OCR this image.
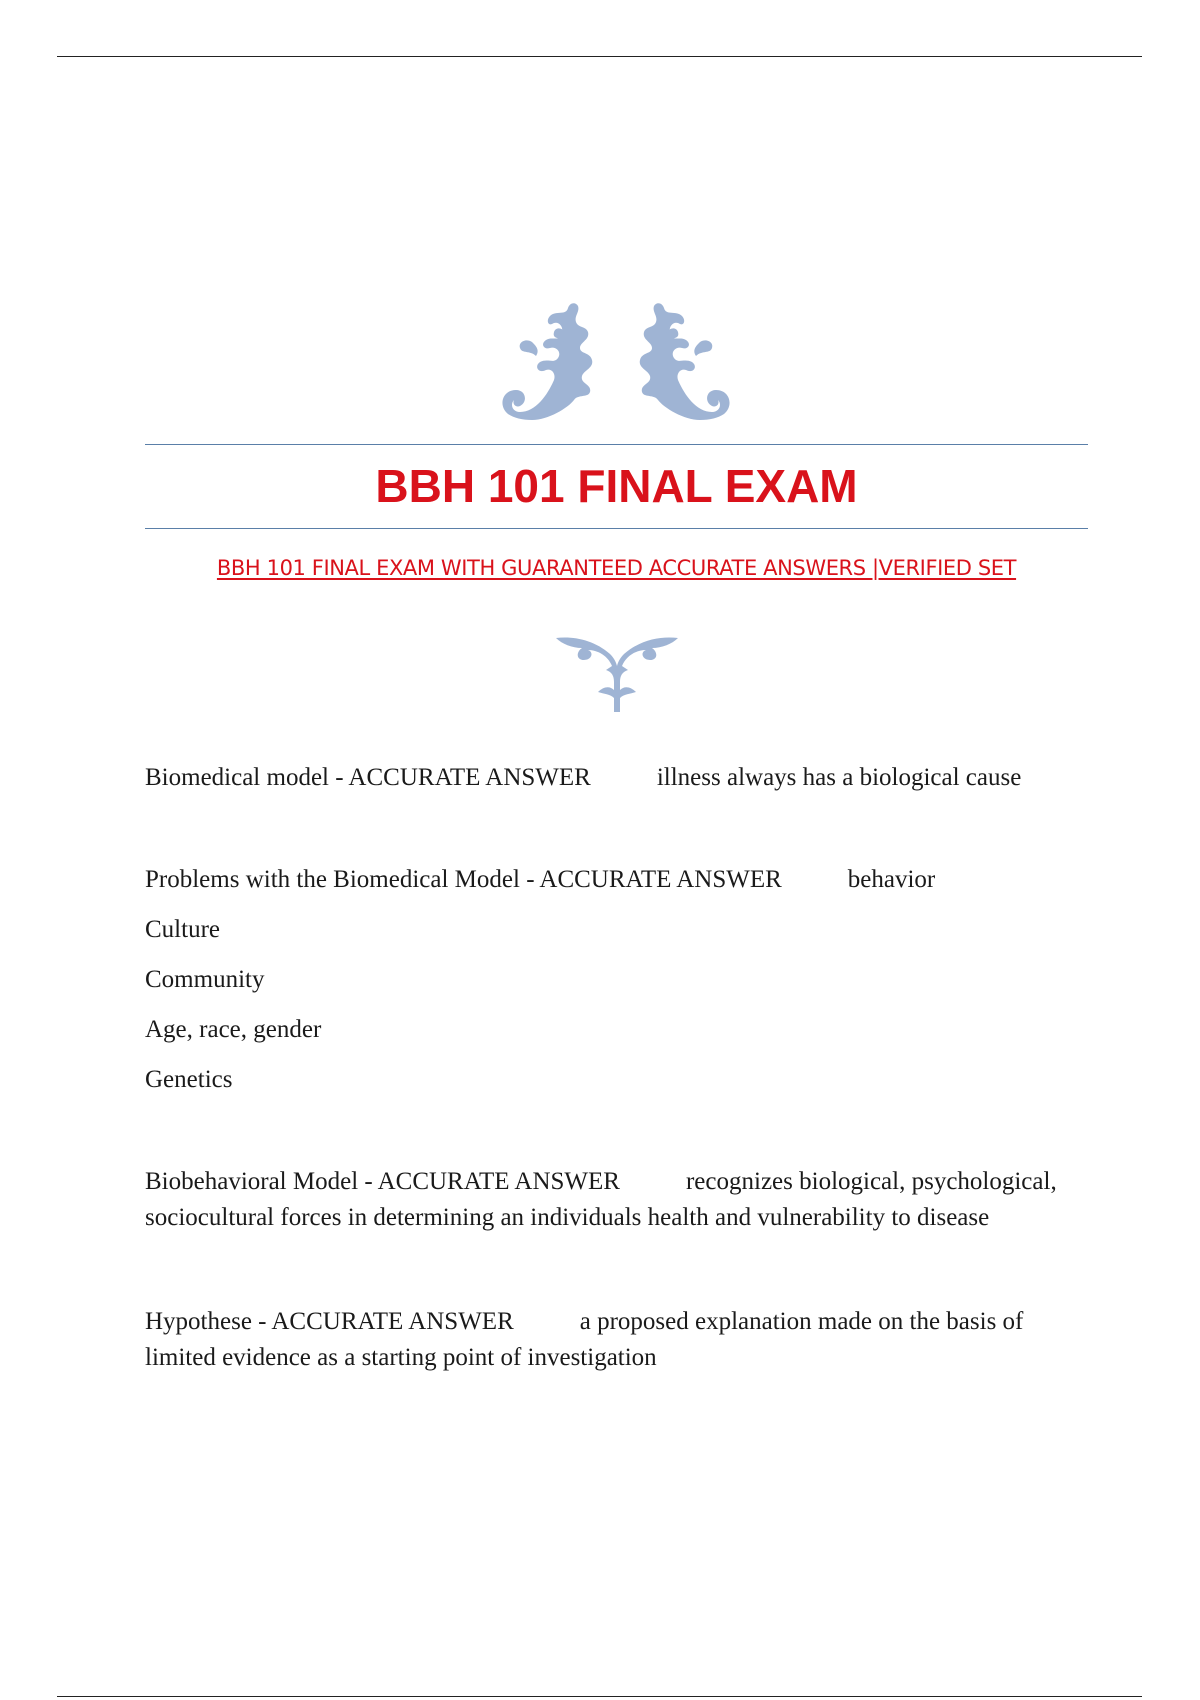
BBH 101 FINAL EXAM

BBH 101 FINAL EXAM WITH GUARANTEED ACCURATE ANSWERS |VERIFIED SET

Biomedical model - ACCURATE ANSWER	illness always has a biological cause

Problems with the Biomedical Model - ACCURATE ANSWER	behavior

Culture

Community

Age, race, gender

Genetics

Biobehavioral Model - ACCURATE ANSWER	recognizes biological, psychological, sociocultural forces in determining an individuals health and vulnerability to disease

Hypothese - ACCURATE ANSWER	a proposed explanation made on the basis of limited evidence as a starting point of investigation
